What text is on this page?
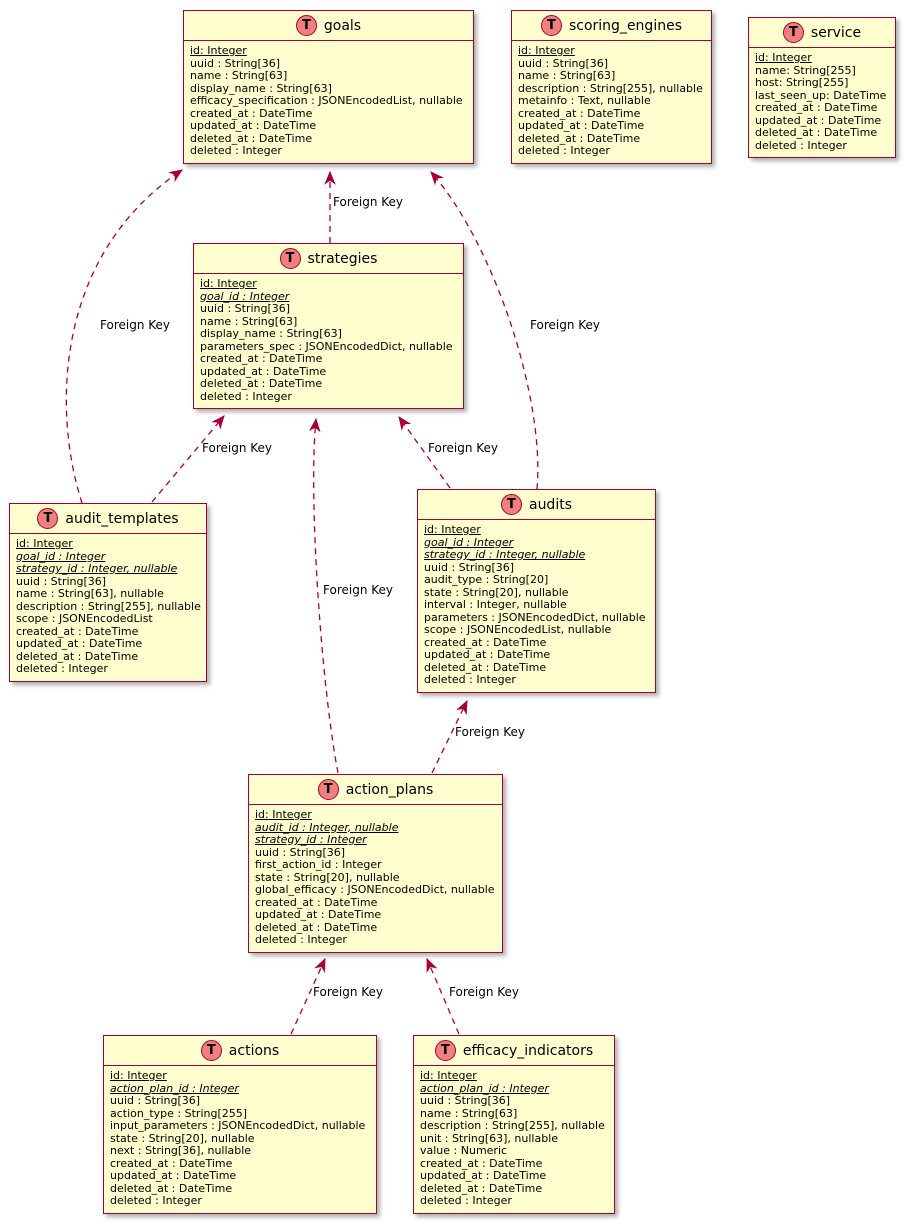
T goals
id: Integer
uuid : String[36]
name : String[63]
display_name : String[63]
efficacy_specification : JSONEncodedList, nullable
created_at : DateTime
updated_at : DateTime
deleted_at : DateTime
deleted : Integer
T scoring_engines
id: Integer
uuid : String[36]
name : String[63]
description : String[255], nullable
metainfo : Text, nullable
created_at : DateTime
updated_at : DateTime
deleted_at : DateTime
deleted : Integer
T service
id: Integer
name: String[255]
host: String[255]
last_seen_up: DateTime
created_at : DateTime
updated_at : DateTime
deleted_at : DateTime
deleted : Integer
T strategies
id: Integer
goal_id : Integer
uuid : String[36]
name : String[63]
display_name : String[63]
parameters_spec : JSONEncodedDict, nullable
created_at : DateTime
updated_at : DateTime
deleted_at : DateTime
deleted : Integer
T audit_templates
id: Integer
goal_id : Integer
strategy_id : Integer, nullable
uuid : String[36]
name : String[63], nullable
description : String[255], nullable
scope : JSONEncodedList
created_at : DateTime
updated_at : DateTime
deleted_at : DateTime
deleted : Integer
T audits
id: Integer
goal_id : Integer
strategy_id : Integer, nullable
uuid : String[36]
audit_type : String[20]
state : String[20], nullable
interval : Integer, nullable
parameters : JSONEncodedDict, nullable
scope : JSONEncodedList, nullable
created_at : DateTime
updated_at : DateTime
deleted_at : DateTime
deleted : Integer
T action_plans
id: Integer
audit_id : Integer, nullable
strategy_id : Integer
uuid : String[36]
first_action_id : Integer
state : String[20], nullable
global_efficacy : JSONEncodedDict, nullable
created_at : DateTime
updated_at : DateTime
deleted_at : DateTime
deleted : Integer
T actions
id: Integer
action_plan_id : Integer
uuid : String[36]
action_type : String[255]
input_parameters : JSONEncodedDict, nullable
state : String[20], nullable
next : String[36], nullable
created_at : DateTime
updated_at : DateTime
deleted_at : DateTime
deleted : Integer
T efficacy_indicators
id: Integer
action_plan_id : Integer
uuid : String[36]
name : String[63]
description : String[255], nullable
unit : String[63], nullable
value : Numeric
created_at : DateTime
updated_at : DateTime
deleted_at : DateTime
deleted : Integer
Foreign Key
Foreign Key	Foreign Key
Foreign Key	Foreign Key
Foreign Key
Foreign Key
Foreign Key	Foreign Key
